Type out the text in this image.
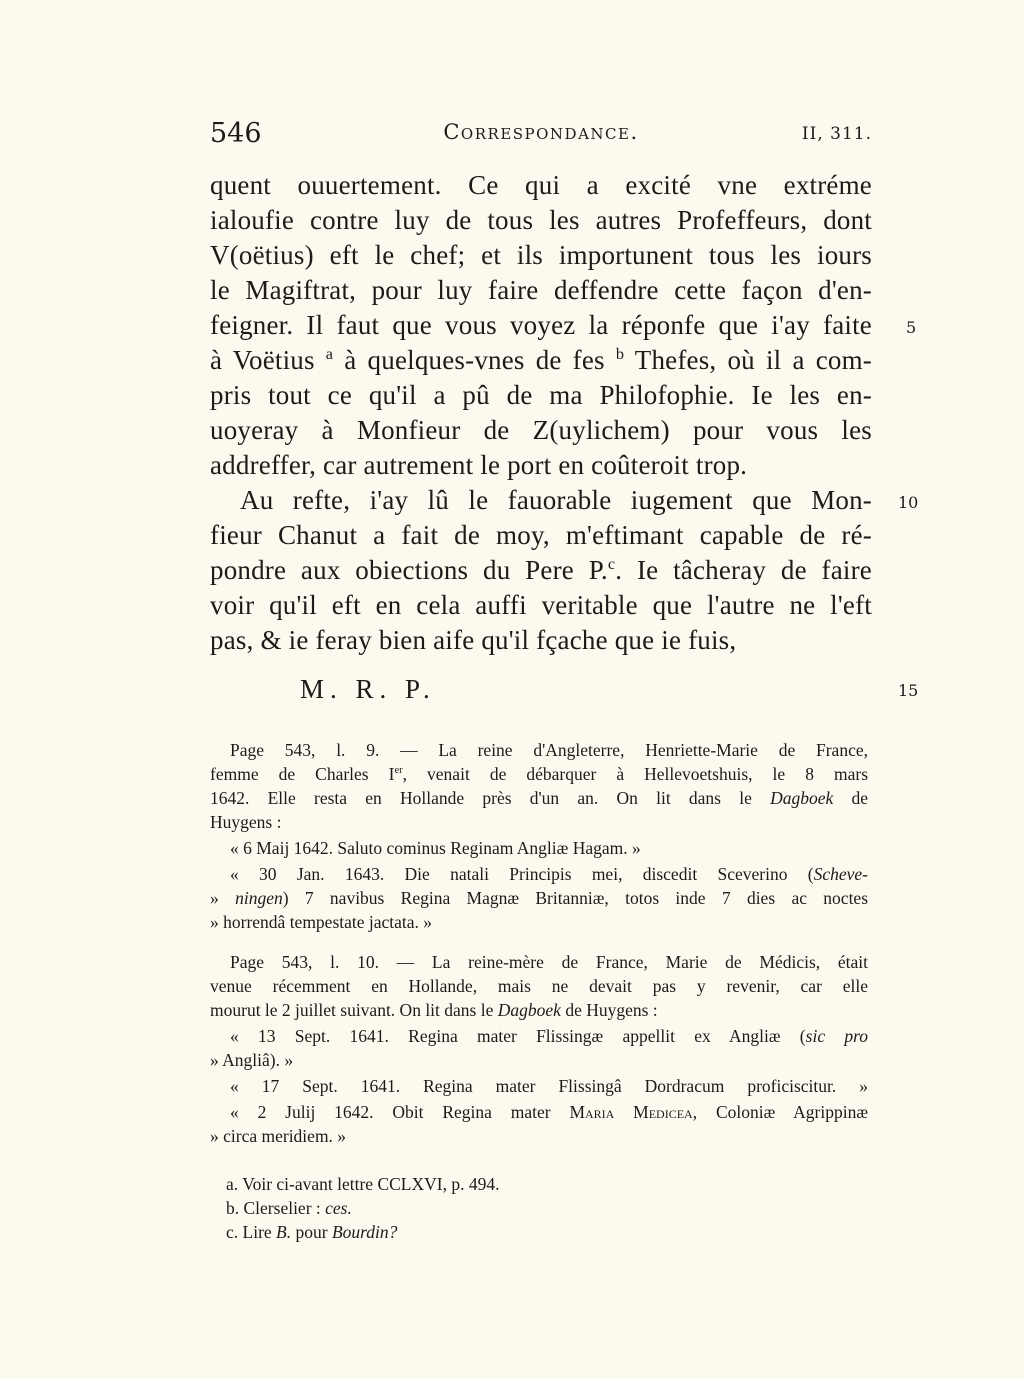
546	Correspondance.	II, 311.
quent ouuertement. Ce qui a excité vne extréme
ialoufie contre luy de tous les autres Profeffeurs, dont
V(oëtius) eft le chef; et ils importunent tous les iours
le Magiftrat, pour luy faire deffendre cette façon d'en-
feigner. Il faut que vous voyez la réponfe que i'ay faite
à Voëtius $^a$ à quelques-vnes de fes $^b$ Thefes, où il a com-
pris tout ce qu'il a pû de ma Philofophie. Ie les en-
uoyeray à Monfieur de Z(uylichem) pour vous les
addreffer, car autrement le port en coûteroit trop.
Au refte, i'ay lû le fauorable iugement que Mon-
fieur Chanut a fait de moy, m'eftimant capable de ré-
pondre aux obiections du Pere P.$^c$. Ie tâcheray de faire
voir qu'il eft en cela auffi veritable que l'autre ne l'eft
pas, & ie feray bien aife qu'il fçache que ie fuis,
M. R. P.
5
10
15
Page 543, l. 9. — La reine d'Angleterre, Henriette-Marie de France,
femme de Charles Ier, venait de débarquer à Hellevoetshuis, le 8 mars
1642. Elle resta en Hollande près d'un an. On lit dans le Dagboek de
Huygens :
« 6 Maij 1642. Saluto cominus Reginam Angliæ Hagam. »
« 30 Jan. 1643. Die natali Principis mei, discedit Sceverino (Scheve-
» ningen) 7 navibus Regina Magnæ Britanniæ, totos inde 7 dies ac noctes
» horrendâ tempestate jactata. »
Page 543, l. 10. — La reine-mère de France, Marie de Médicis, était
venue récemment en Hollande, mais ne devait pas y revenir, car elle
mourut le 2 juillet suivant. On lit dans le Dagboek de Huygens :
« 13 Sept. 1641. Regina mater Flissingæ appellit ex Angliæ (sic pro
» Angliâ). »
« 17 Sept. 1641. Regina mater Flissingâ Dordracum proficiscitur. »
« 2 Julij 1642. Obit Regina mater Maria Medicea, Coloniæ Agrippinæ
» circa meridiem. »
a. Voir ci-avant lettre CCLXVI, p. 494.
b. Clerselier : ces.
c. Lire B. pour Bourdin?
